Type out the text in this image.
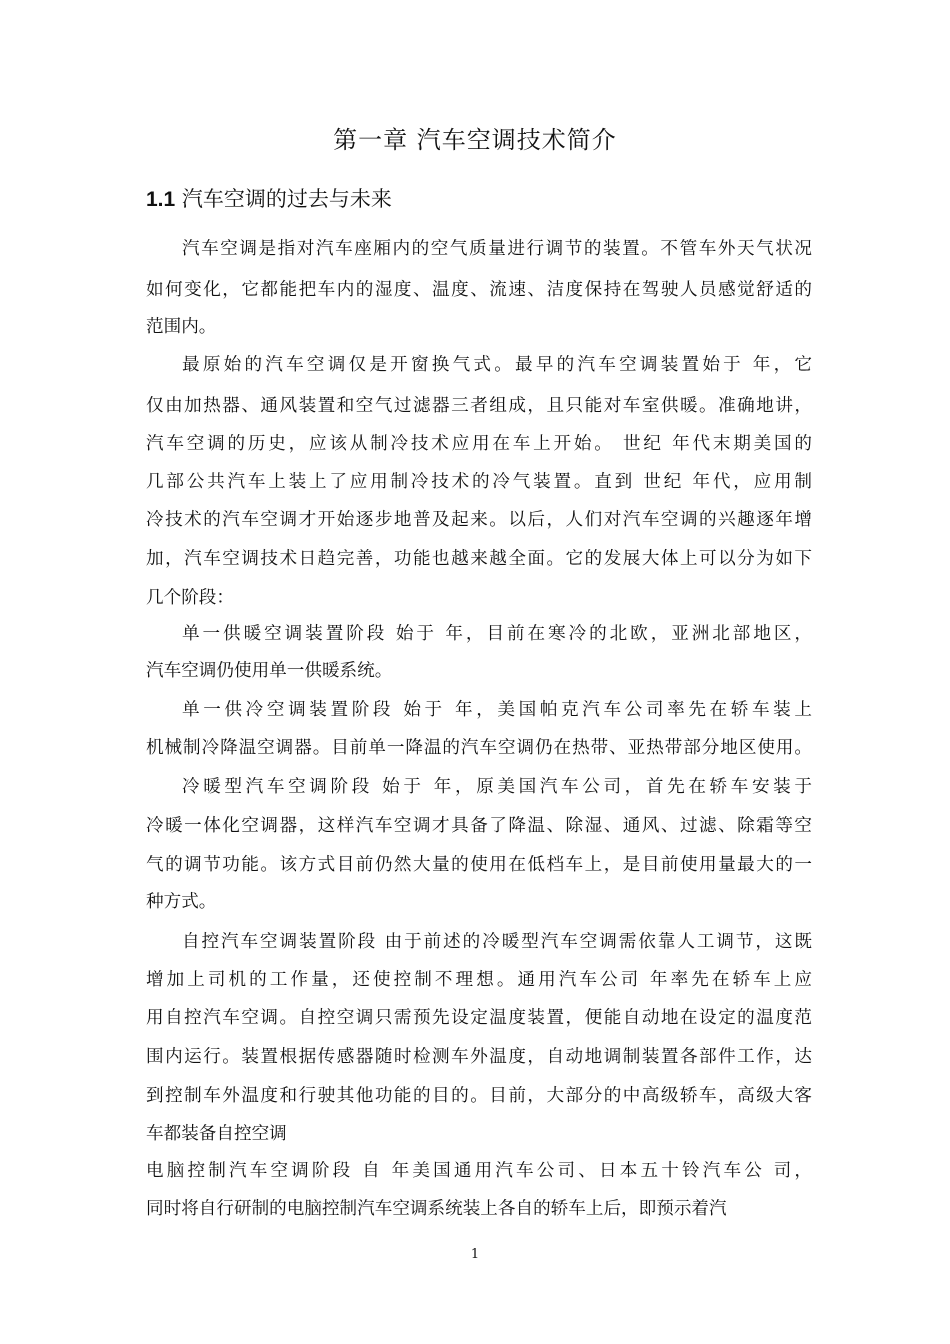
第一章 汽车空调技术简介
1.1 汽车空调的过去与未来
汽车空调是指对汽车座厢内的空气质量进行调节的装置。不管车外天气状况
如何变化，它都能把车内的湿度、温度、流速、洁度保持在驾驶人员感觉舒适的
范围内。
最原始的汽车空调仅是开窗换气式。最早的汽车空调装置始于 年，它
仅由加热器、通风装置和空气过滤器三者组成，且只能对车室供暖。准确地讲，
汽车空调的历史，应该从制冷技术应用在车上开始。 世纪 年代末期美国的
几部公共汽车上装上了应用制冷技术的冷气装置。直到 世纪 年代，应用制
冷技术的汽车空调才开始逐步地普及起来。以后，人们对汽车空调的兴趣逐年增
加，汽车空调技术日趋完善，功能也越来越全面。它的发展大体上可以分为如下
几个阶段：
单一供暖空调装置阶段 始于 年，目前在寒冷的北欧，亚洲北部地区，
汽车空调仍使用单一供暖系统。
单一供冷空调装置阶段 始于 年，美国帕克汽车公司率先在轿车装上
机械制冷降温空调器。目前单一降温的汽车空调仍在热带、亚热带部分地区使用。
冷暖型汽车空调阶段 始于 年，原美国汽车公司，首先在轿车安装于
冷暖一体化空调器，这样汽车空调才具备了降温、除湿、通风、过滤、除霜等空
气的调节功能。该方式目前仍然大量的使用在低档车上，是目前使用量最大的一
种方式。
自控汽车空调装置阶段 由于前述的冷暖型汽车空调需依靠人工调节，这既
增加上司机的工作量，还使控制不理想。通用汽车公司 年率先在轿车上应
用自控汽车空调。自控空调只需预先设定温度装置，便能自动地在设定的温度范
围内运行。装置根据传感器随时检测车外温度，自动地调制装置各部件工作，达
到控制车外温度和行驶其他功能的目的。目前，大部分的中高级轿车，高级大客
车都装备自控空调
电脑控制汽车空调阶段 自 年美国通用汽车公司、日本五十铃汽车公 司，
同时将自行研制的电脑控制汽车空调系统装上各自的轿车上后，即预示着汽
1
